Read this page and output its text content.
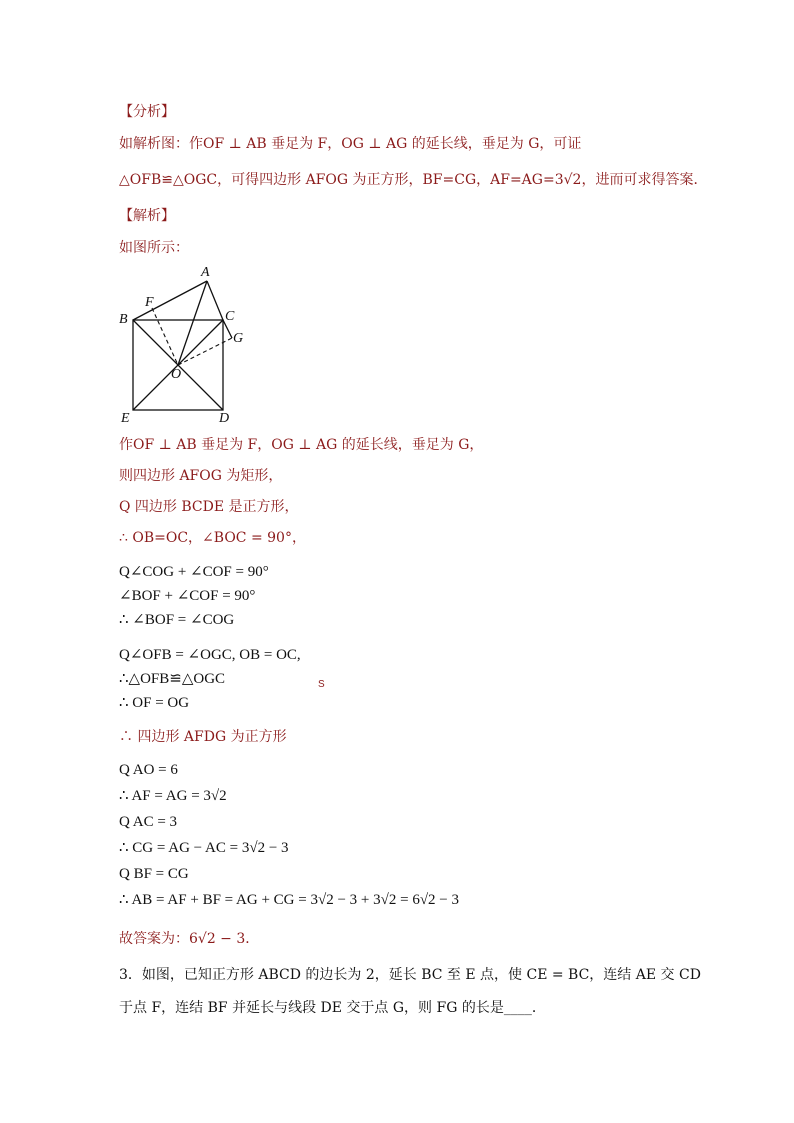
【分析】
如解析图：作OF ⊥ AB 垂足为 F，OG ⊥ AG 的延长线，垂足为 G，可证
△OFB≌△OGC，可得四边形 AFOG 为正方形，BF=CG，AF=AG=3√2，进而可求得答案．
【解析】
如图所示：
A
F
B	C
G
O
E	D
作OF ⊥ AB 垂足为 F，OG ⊥ AG 的延长线，垂足为 G，
则四边形 AFOG 为矩形，
Q 四边形 BCDE 是正方形，
∴ OB=OC，∠BOC = 90°，
Q∠COG + ∠COF = 90°
∠BOF + ∠COF = 90°
∴ ∠BOF = ∠COG
Q∠OFB = ∠OGC, OB = OC,
∴△OFB≌△OGC	S
∴ OF = OG
∴ 四边形 AFDG 为正方形
Q AO = 6
∴ AF = AG = 3√2
Q AC = 3
∴ CG = AG − AC = 3√2 − 3
Q BF = CG
∴ AB = AF + BF = AG + CG = 3√2 − 3 + 3√2 = 6√2 − 3
故答案为：6√2 − 3．
3．如图，已知正方形 ABCD 的边长为 2，延长 BC 至 E 点，使 CE = BC，连结 AE 交 CD
于点 F，连结 BF 并延长与线段 DE 交于点 G，则 FG 的长是____．
